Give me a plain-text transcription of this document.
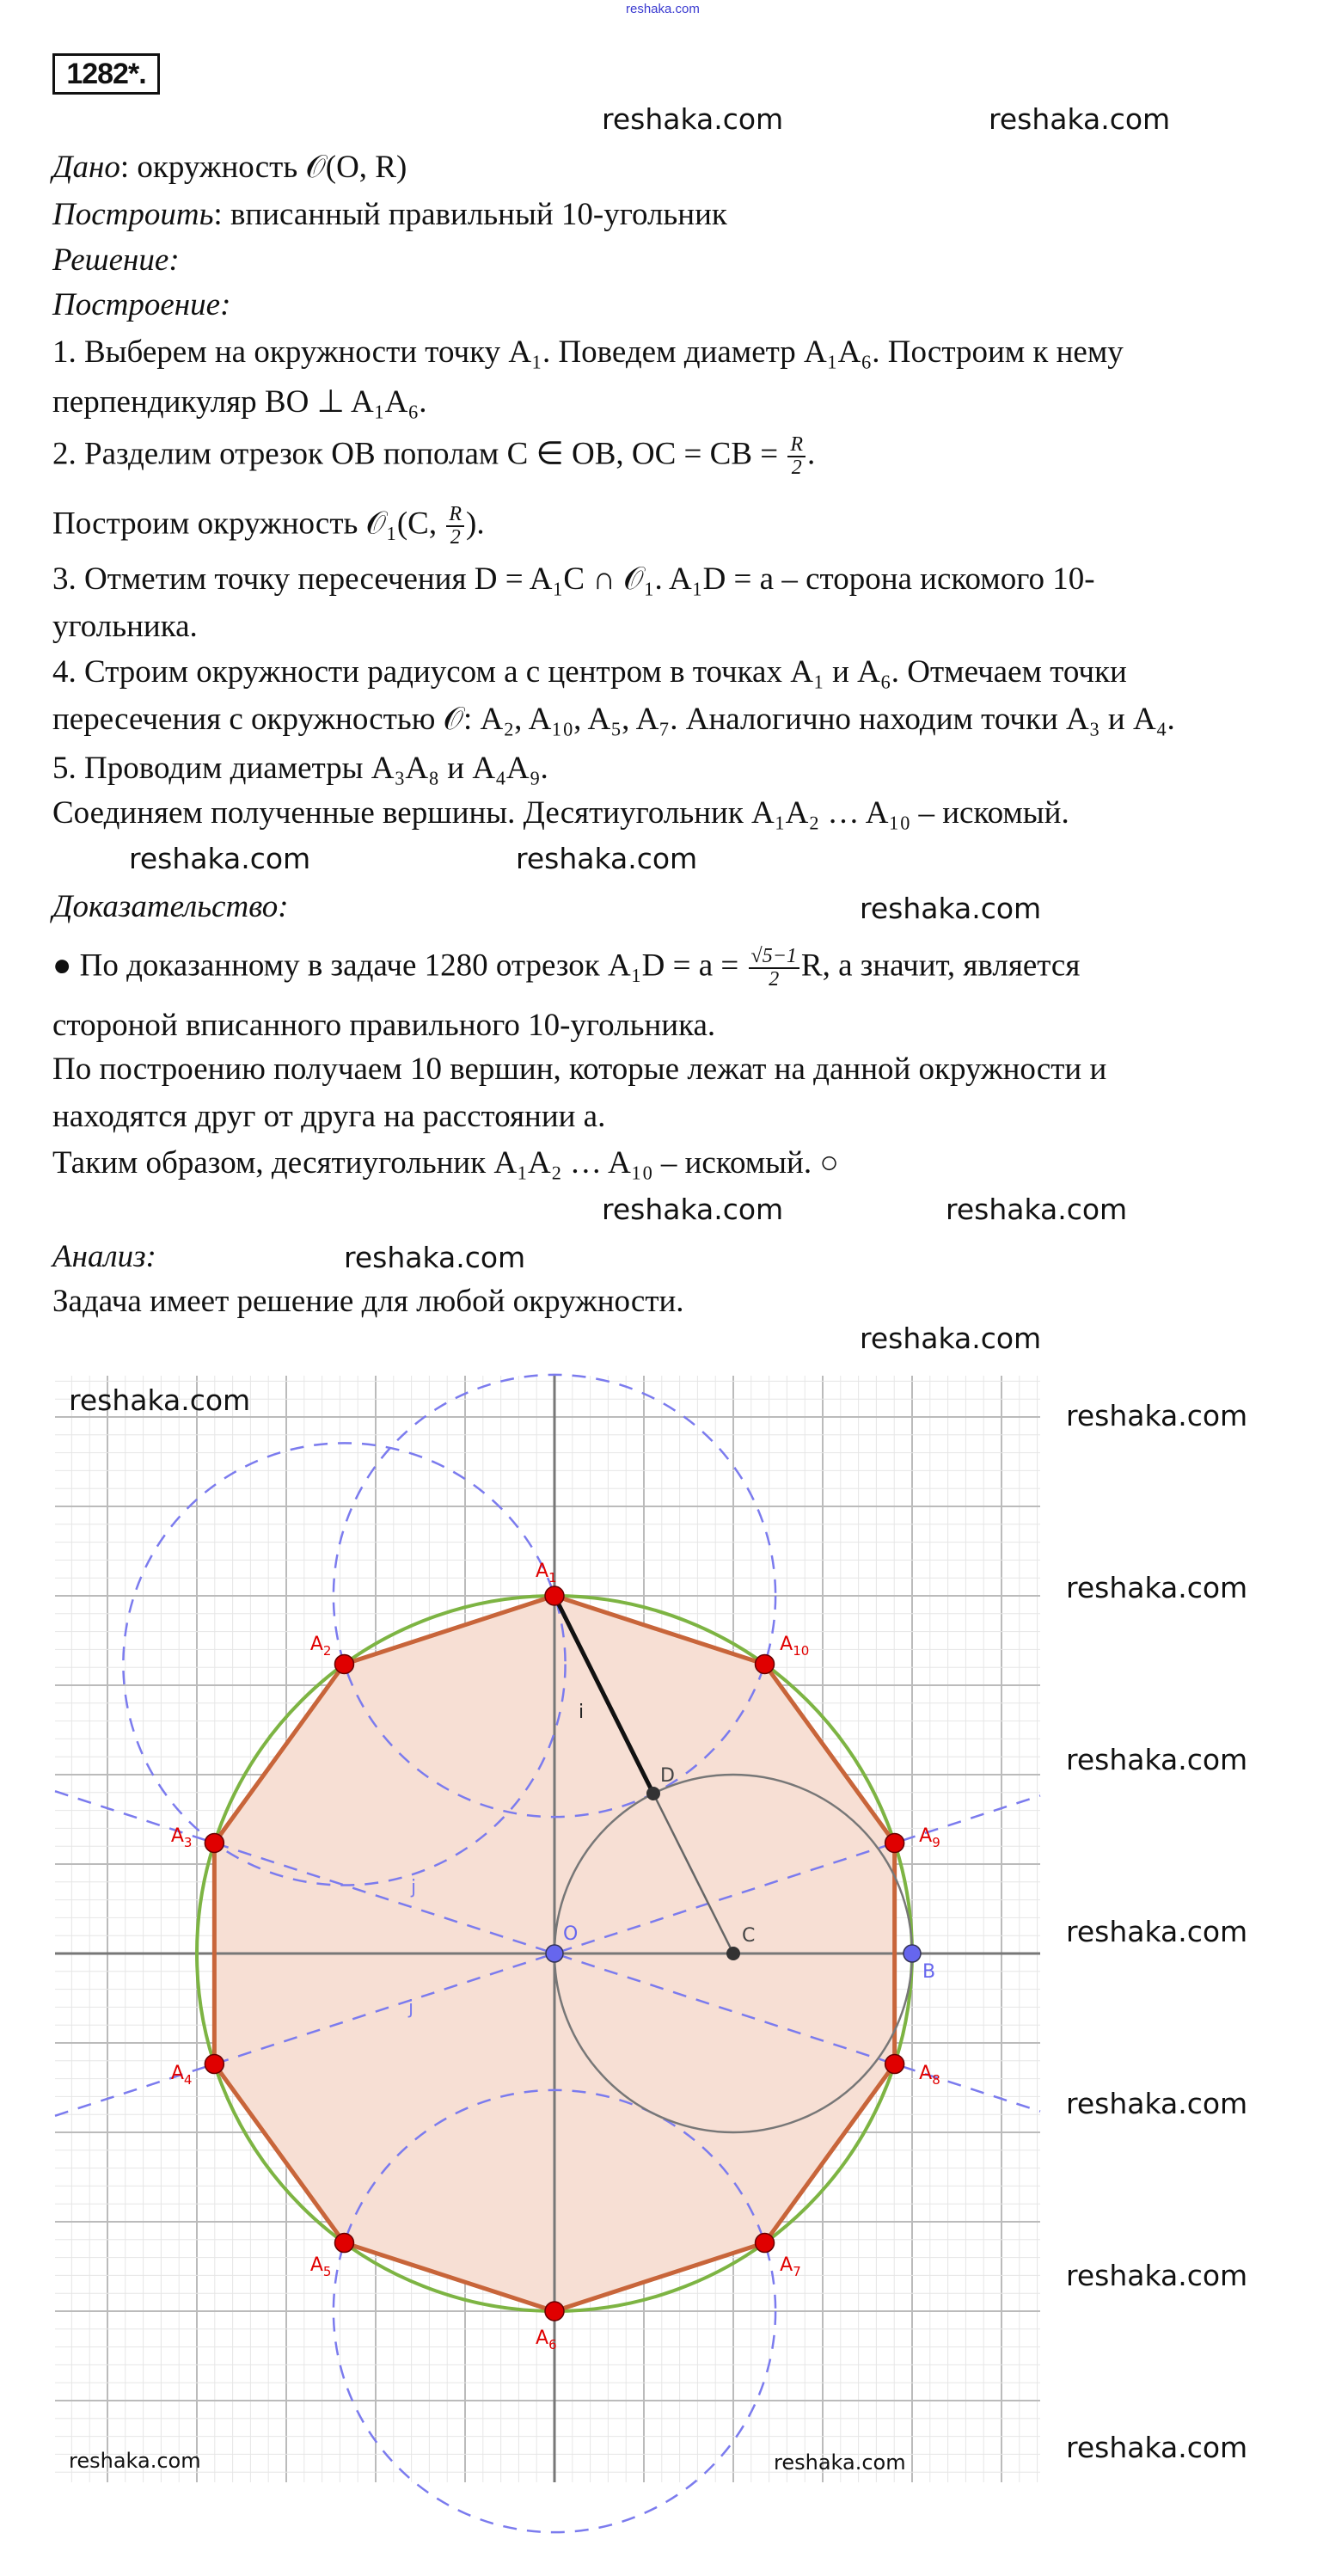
reshaka.com
1282*.
Дано: окружность 𝒪(O, R)
Построить: вписанный правильный 10-угольник
Решение:
Построение:
1. Выберем на окружности точку A₁. Поведем диаметр A₁A₆. Построим к нему
перпендикуляр BO ⊥ A₁A₆.
2. Разделим отрезок OB пополам C ∈ OB, OC = CB = $\frac{R}{2}$ .
Построим окружность 𝒪₁(C, $\frac{R}{2}$ ).
3. Отметим точку пересечения D = A₁C ∩ 𝒪₁. A₁D = a – сторона искомого 10-
угольника.
4. Строим окружности радиусом a с центром в точках A₁ и A₆. Отмечаем точки
пересечения с окружностью 𝒪: A₂, A₁₀, A₅, A₇. Аналогично находим точки A₃ и A₄.
5. Проводим диаметры A₃A₈ и A₄A₉.
Соединяем полученные вершины. Десятиугольник A₁A₂ … A₁₀ – искомый.
Доказательство:
● По доказанному в задаче 1280 отрезок $A_1D = a = \frac{√5-1}{2} R$, а значит, является
стороной вписанного правильного 10-угольника.
По построению получаем 10 вершин, которые лежат на данной окружности и
находятся друг от друга на расстоянии a.
Таким образом, десятиугольник A₁A₂ … A₁₀ – искомый. ○
Анализ:
Задача имеет решение для любой окружности.
$A_1$
$A_2$
$A_3$
$A_4$
$A_5$
$A_6$
$A_7$
$A_8$
$A_9$
$A_{10}$
O
B
C
D
i
j
j
reshaka.com	reshaka.com
reshaka.com	reshaka.com
reshaka.com
reshaka.com	reshaka.com
reshaka.com
reshaka.com
reshaka.com	reshaka.com
reshaka.com
reshaka.com
reshaka.com
reshaka.com
reshaka.com
reshaka.com
reshaka.com	reshaka.com
